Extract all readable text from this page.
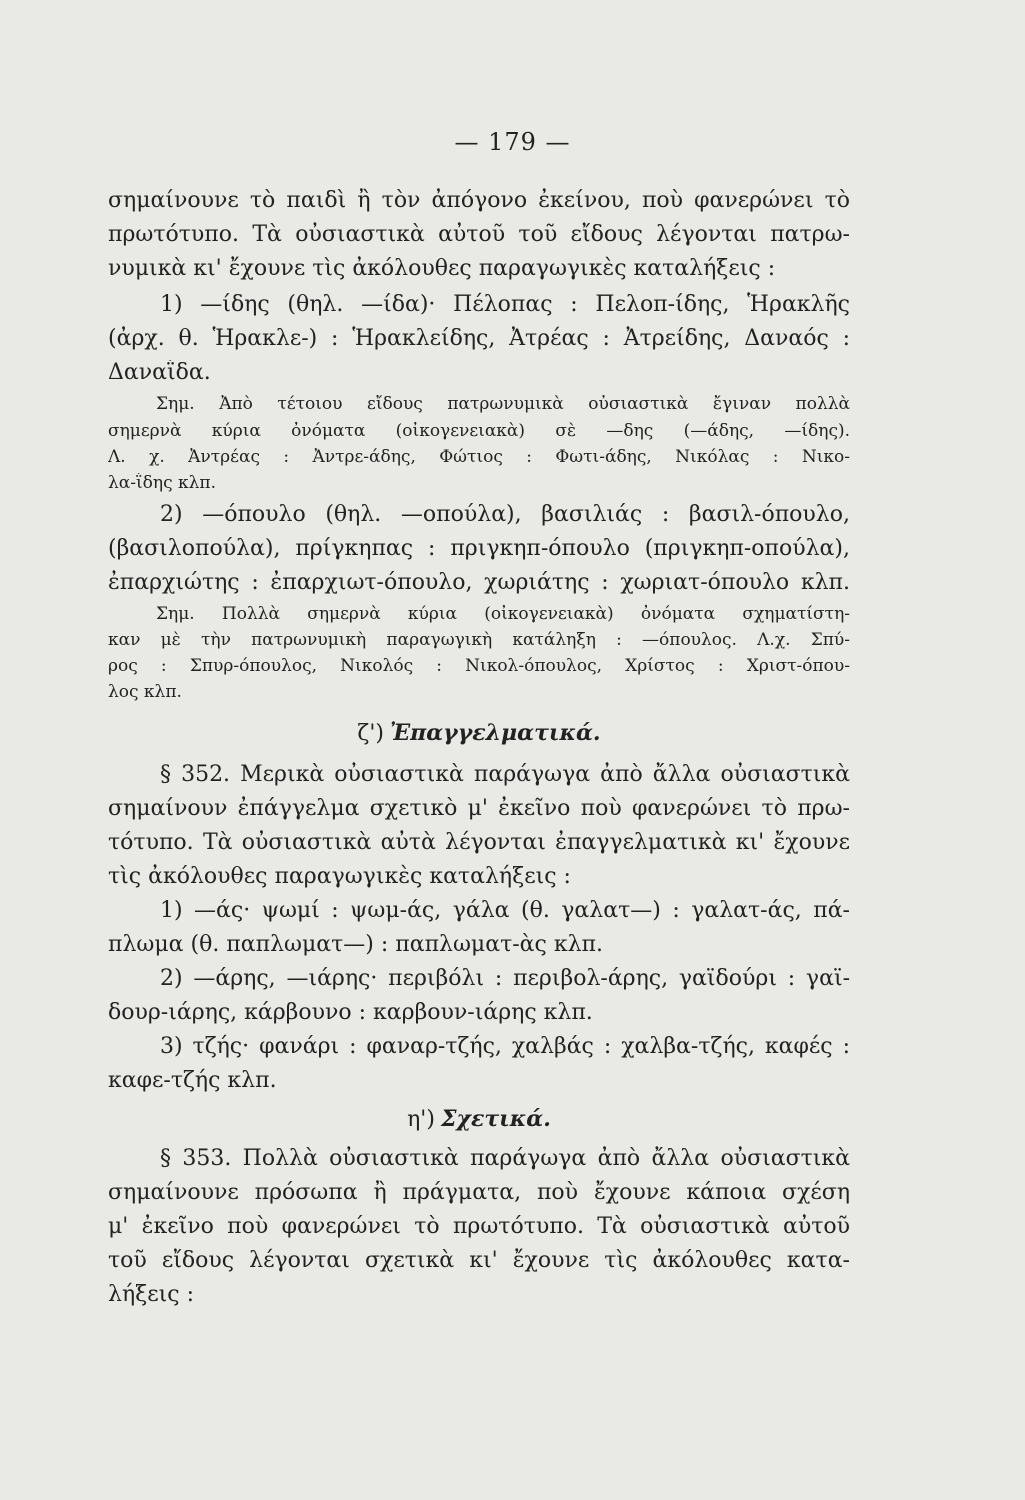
— 179 —
σημαίνουνε τὸ παιδὶ ἢ τὸν ἀπόγονο ἐκείνου, ποὺ φανερώνει τὸ
πρωτότυπο. Τὰ οὐσιαστικὰ αὐτοῦ τοῦ εἴδους λέγονται πατρω-
νυμικὰ κι' ἔχουνε τὶς ἀκόλουθες παραγωγικὲς καταλήξεις :
1) —ίδης (θηλ. —ίδα)· Πέλοπας : Πελοπ-ίδης, Ἡρακλῆς
(ἀρχ. θ. Ἡρακλε-) : Ἡρακλείδης, Ἀτρέας : Ἀτρείδης, Δαναός :
Δαναΐδα.
Σημ. Ἀπὸ τέτοιου εἴδους πατρωνυμικὰ οὐσιαστικὰ ἔγιναν πολλὰ
σημερνὰ κύρια ὀνόματα (οἰκογενειακὰ) σὲ —δης (—άδης, —ίδης).
Λ. χ. Ἀντρέας : Ἀντρε-άδης, Φώτιος : Φωτι-άδης, Νικόλας : Νικο-
λα-ΐδης κλπ.
2) —όπουλο (θηλ. —οπούλα), βασιλιάς : βασιλ-όπουλο,
(βασιλοπούλα), πρίγκηπας : πριγκηπ-όπουλο (πριγκηπ-οπούλα),
ἐπαρχιώτης : ἐπαρχιωτ-όπουλο, χωριάτης : χωριατ-όπουλο κλπ.
Σημ. Πολλὰ σημερνὰ κύρια (οἰκογενειακὰ) ὀνόματα σχηματίστη-
καν μὲ τὴν πατρωνυμικὴ παραγωγικὴ κατάληξη : —όπουλος. Λ.χ. Σπύ-
ρος : Σπυρ-όπουλος, Νικολός : Νικολ-όπουλος, Χρίστος : Χριστ-όπου-
λος κλπ.
ζ') Ἐπαγγελματικά.
§ 352. Μερικὰ οὐσιαστικὰ παράγωγα ἀπὸ ἄλλα οὐσιαστικὰ
σημαίνουν ἐπάγγελμα σχετικὸ μ' ἐκεῖνο ποὺ φανερώνει τὸ πρω-
τότυπο. Τὰ οὐσιαστικὰ αὐτὰ λέγονται ἐπαγγελματικὰ κι' ἔχουνε
τὶς ἀκόλουθες παραγωγικὲς καταλήξεις :
1) —άς· ψωμί : ψωμ-άς, γάλα (θ. γαλατ—) : γαλατ-άς, πά-
πλωμα (θ. παπλωματ—) : παπλωματ-ὰς κλπ.
2) —άρης, —ιάρης· περιβόλι : περιβολ-άρης, γαϊδούρι : γαϊ-
δουρ-ιάρης, κάρβουνο : καρβουν-ιάρης κλπ.
3) τζής· φανάρι : φαναρ-τζής, χαλβάς : χαλβα-τζής, καφές :
καφε-τζής κλπ.
η') Σχετικά.
§ 353. Πολλὰ οὐσιαστικὰ παράγωγα ἀπὸ ἄλλα οὐσιαστικὰ
σημαίνουνε πρόσωπα ἢ πράγματα, ποὺ ἔχουνε κάποια σχέση
μ' ἐκεῖνο ποὺ φανερώνει τὸ πρωτότυπο. Τὰ οὐσιαστικὰ αὐτοῦ
τοῦ εἴδους λέγονται σχετικὰ κι' ἔχουνε τὶς ἀκόλουθες κατα-
λήξεις :
